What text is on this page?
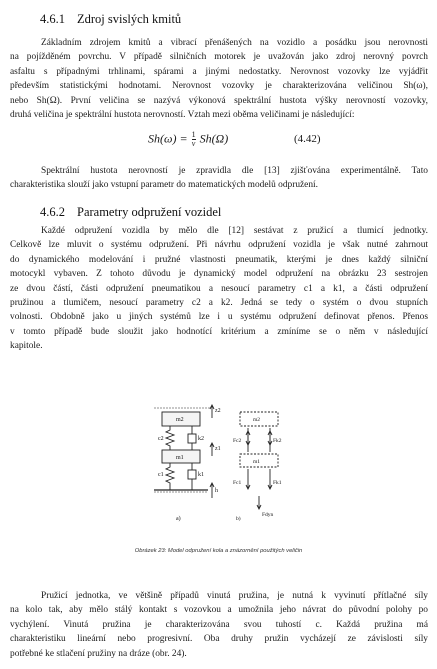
4.6.1 Zdroj svislých kmitů
Základním zdrojem kmitů a vibrací přenášených na vozidlo a posádku jsou nerovnosti
na pojížděném povrchu. V případě silničních motorek je uvažován jako zdroj nerovný povrch
asfaltu s případnými trhlinami, spárami a jinými nedostatky. Nerovnost vozovky lze vyjádřit
především statistickými hodnotami. Nerovnost vozovky je charakterizována veličinou Sh(ω),
nebo Sh(Ω). První veličina se nazývá výkonová spektrální hustota výšky nerovností vozovky,
druhá veličina je spektrální hustota nerovností. Vztah mezi oběma veličinami je následující:
$Sh(\omega) = \frac{1}{v} Sh(\Omega)$	(4.42)
Spektrální hustota nerovností je zpravidla dle [13] zjišťována experimentálně. Tato
charakteristika slouží jako vstupní parametr do matematických modelů odpružení.
4.6.2 Parametry odpružení vozidel
Každé odpružení vozidla by mělo dle [12] sestávat z pružicí a tlumicí jednotky.
Celkově lze mluvit o systému odpružení. Při návrhu odpružení vozidla je však nutné zahrnout
do dynamického modelování i pružné vlastnosti pneumatik, kterými je dnes každý silniční
motocykl vybaven. Z tohoto důvodu je dynamický model odpružení na obrázku 23 sestrojen
ze dvou částí, části odpružení pneumatikou a nesoucí parametry c1 a k1, a části odpružení
pružinou a tlumičem, nesoucí parametry c2 a k2. Jedná se tedy o systém o dvou stupních
volnosti. Obdobně jako u jiných systémů lze i u systému odpružení definovat přenos. Přenos
v tomto případě bude sloužit jako hodnotící kritérium a zmíníme se o něm v následující
kapitole.
m2
c2	k2
m1
c1	k1
z2
z1
h
a)
m2
m1
Fc2	Fk2
Fc1	Fk1
Fdyn
b)
Obrázek 23: Model odpružení kola a znázornění použitých veličin
Pružicí jednotka, ve většině případů vinutá pružina, je nutná k vyvinutí přítlačné síly
na kolo tak, aby mělo stálý kontakt s vozovkou a umožnila jeho návrat do původní polohy po
vychýlení. Vinutá pružina je charakterizována svou tuhostí c. Každá pružina má
charakteristiku lineární nebo progresivní. Oba druhy pružin vycházejí ze závislosti síly
potřebné ke stlačení pružiny na dráze (obr. 24).
